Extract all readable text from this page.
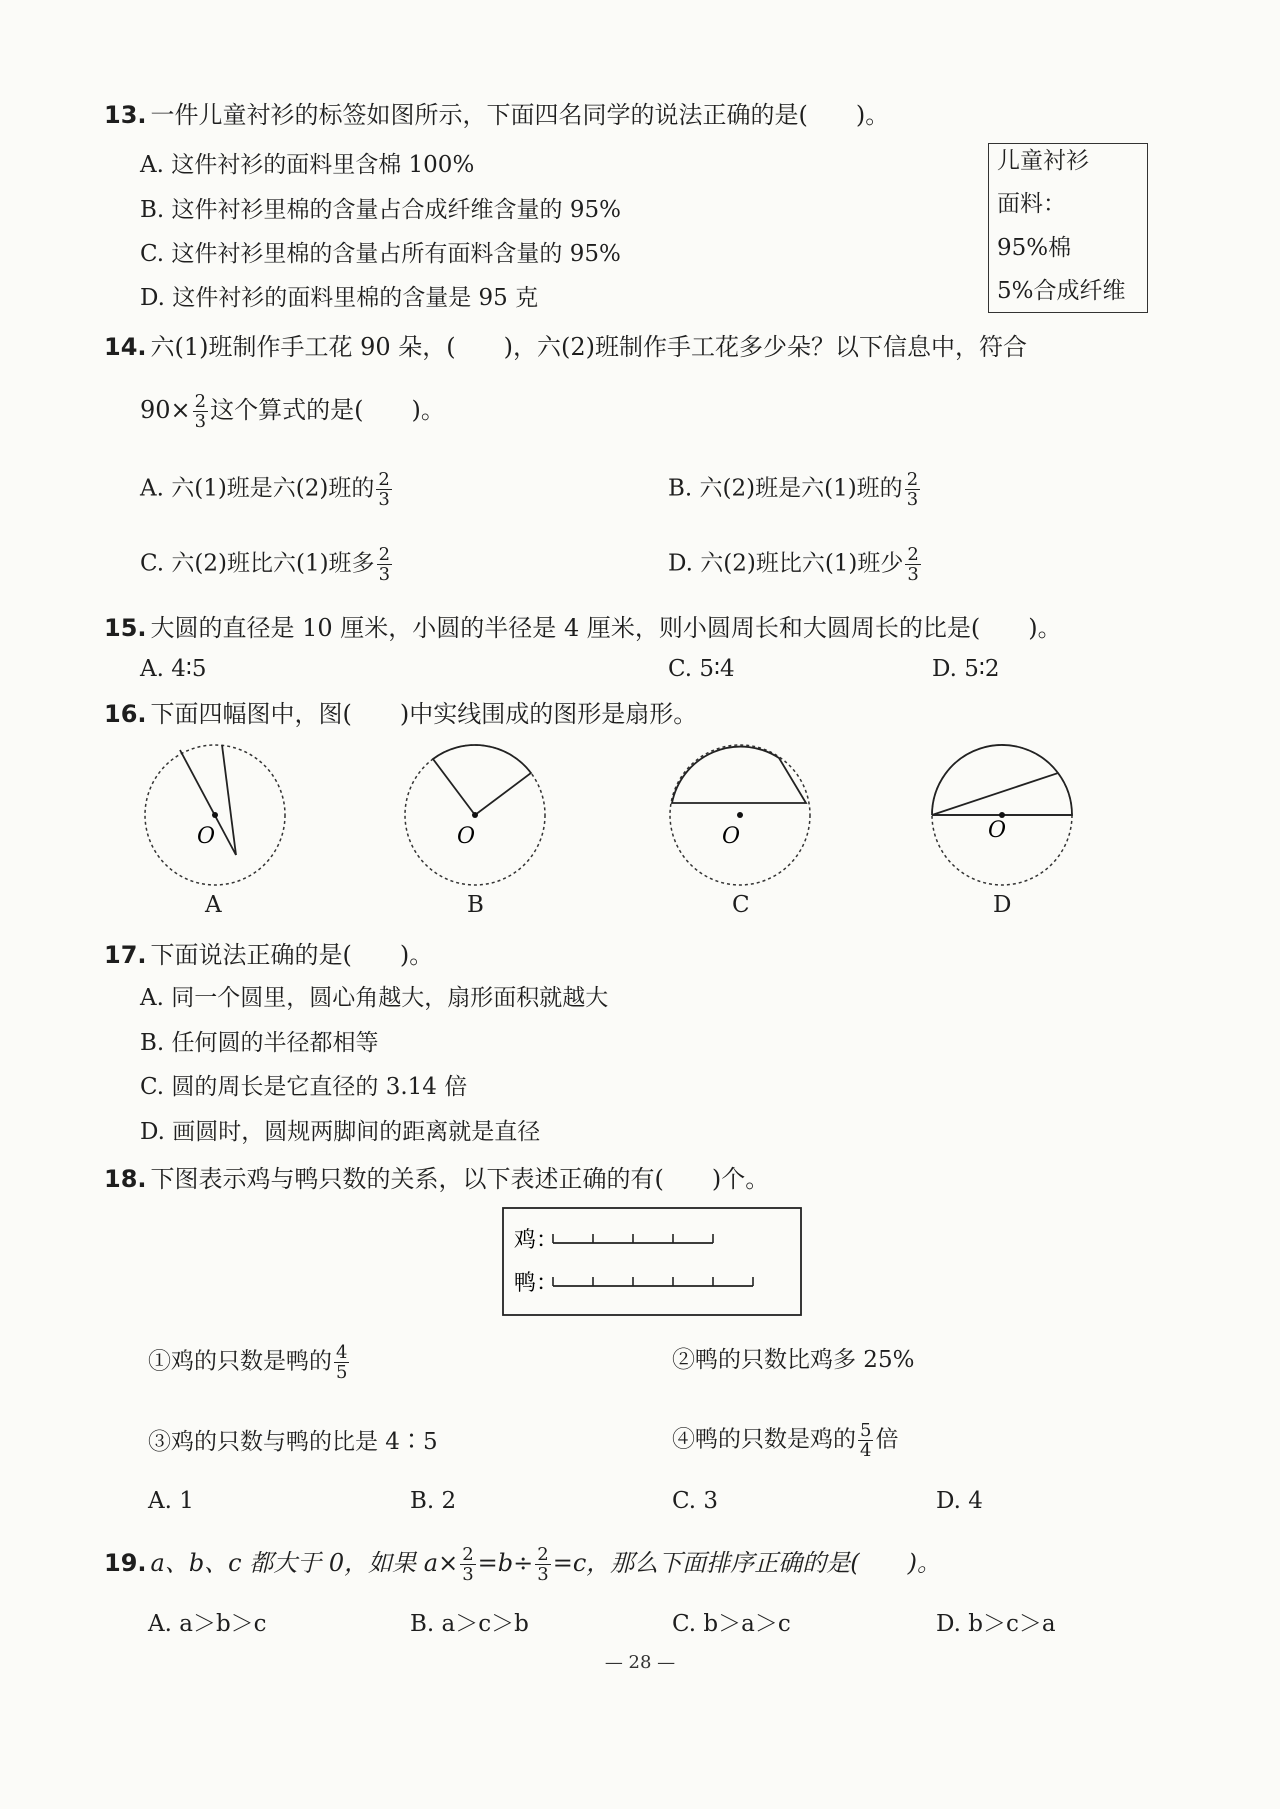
13. 一件儿童衬衫的标签如图所示，下面四名同学的说法正确的是(　　)。
A. 这件衬衫的面料里含棉 100%
B. 这件衬衫里棉的含量占合成纤维含量的 95%
C. 这件衬衫里棉的含量占所有面料含量的 95%
D. 这件衬衫的面料里棉的含量是 95 克
儿童衬衫
面料：
95%棉
5%合成纤维
14. 六(1)班制作手工花 90 朵，(　　)，六(2)班制作手工花多少朵？以下信息中，符合
$90\times \frac{2}{3}$ 这个算式的是(　　)。
A. 六(1)班是六(2)班的 $\frac{2}{3}$	B. 六(2)班是六(1)班的 $\frac{2}{3}$
C. 六(2)班比六(1)班多 $\frac{2}{3}$	D. 六(2)班比六(1)班少 $\frac{2}{3}$
15. 大圆的直径是 10 厘米，小圆的半径是 4 厘米，则小圆周长和大圆周长的比是(　　)。
A. 4∶5	C. 5∶4	D. 5∶2
16. 下面四幅图中，图(　　)中实线围成的图形是扇形。
O	O	O	O
鸡：
鸭：
A	B	C	D
17. 下面说法正确的是(　　)。
A. 同一个圆里，圆心角越大，扇形面积就越大
B. 任何圆的半径都相等
C. 圆的周长是它直径的 3.14 倍
D. 画圆时，圆规两脚间的距离就是直径
18. 下图表示鸡与鸭只数的关系，以下表述正确的有(　　)个。
①鸡的只数是鸭的 $\frac{4}{5}$	②鸭的只数比鸡多 25%
③鸡的只数与鸭的比是 4∶5	④鸭的只数是鸡的 $\frac{5}{4}$ 倍
A. 1	B. 2	C. 3	D. 4
19. a、b、c 都大于 0，如果 $a\times \frac{2}{3} =b\div \frac{2}{3} =c$，那么下面排序正确的是(　　)。
A. a＞b＞c	B. a＞c＞b	C. b＞a＞c	D. b＞c＞a
— 28 —
